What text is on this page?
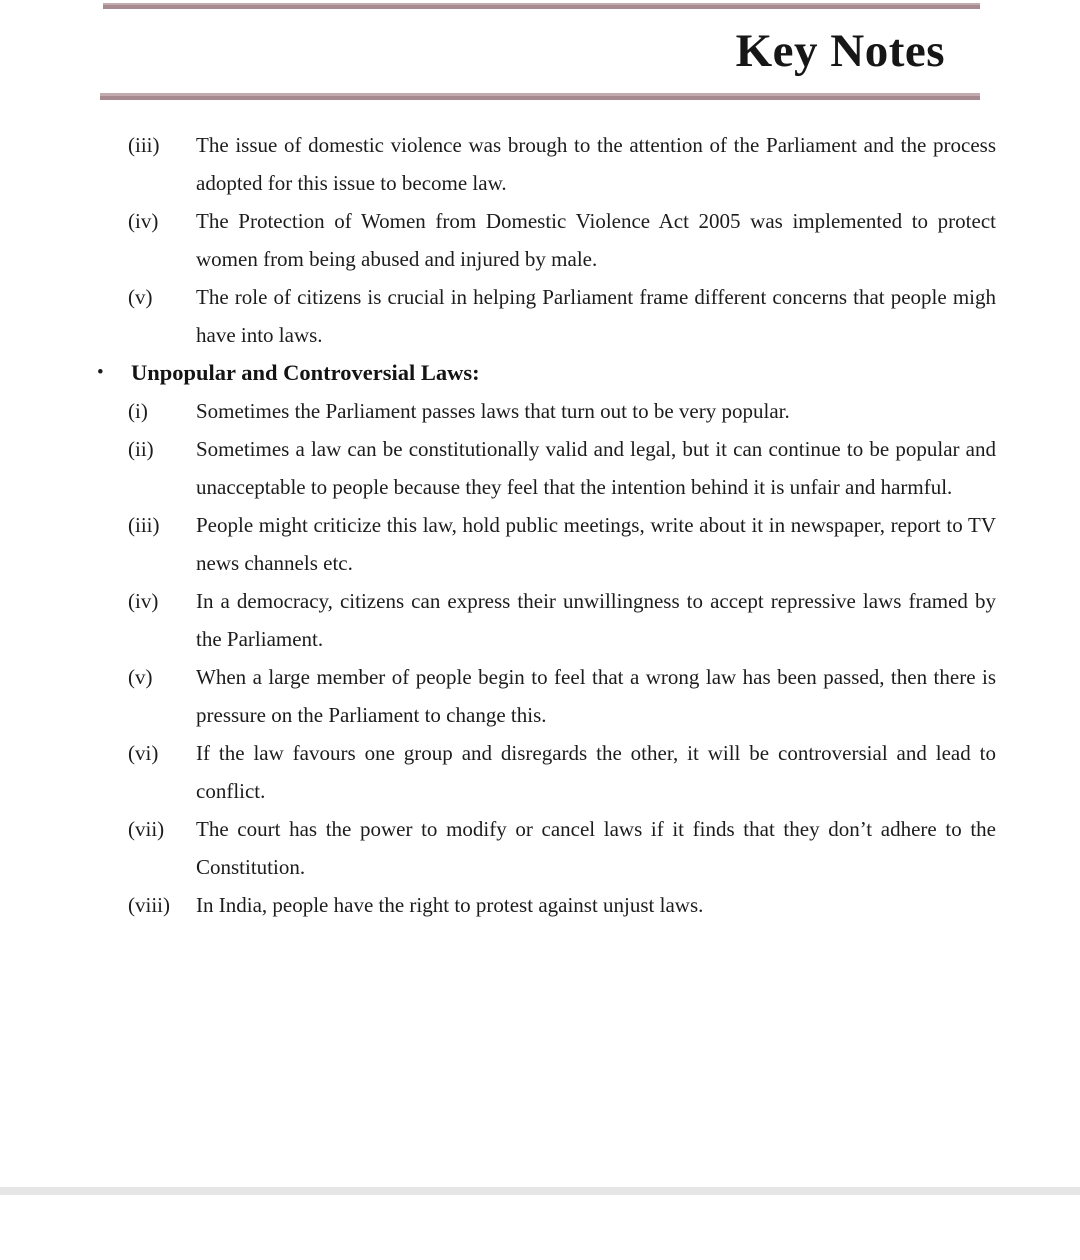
Key Notes
(iii)	The issue of domestic violence was brough to the attention of the Parliament and the process adopted for this issue to become law.

(iv)	The Protection of Women from Domestic Violence Act 2005 was implemented to protect women from being abused and injured by male.

(v)	The role of citizens is crucial in helping Parliament frame different concerns that people migh have into laws.

•	Unpopular and Controversial Laws:
(i)	Sometimes the Parliament passes laws that turn out to be very popular.

(ii)	Sometimes a law can be constitutionally valid and legal, but it can continue to be popular and unacceptable to people because they feel that the intention behind it is unfair and harmful.

(iii)	People might criticize this law, hold public meetings, write about it in newspaper, report to TV news channels etc.

(iv)	In a democracy, citizens can express their unwillingness to accept repressive laws framed by the Parliament.

(v)	When a large member of people begin to feel that a wrong law has been passed, then there is pressure on the Parliament to change this.

(vi)	If the law favours one group and disregards the other, it will be controversial and lead to conflict.

(vii)	The court has the power to modify or cancel laws if it finds that they don’t adhere to the Constitution.

(viii)	In India, people have the right to protest against unjust laws.
